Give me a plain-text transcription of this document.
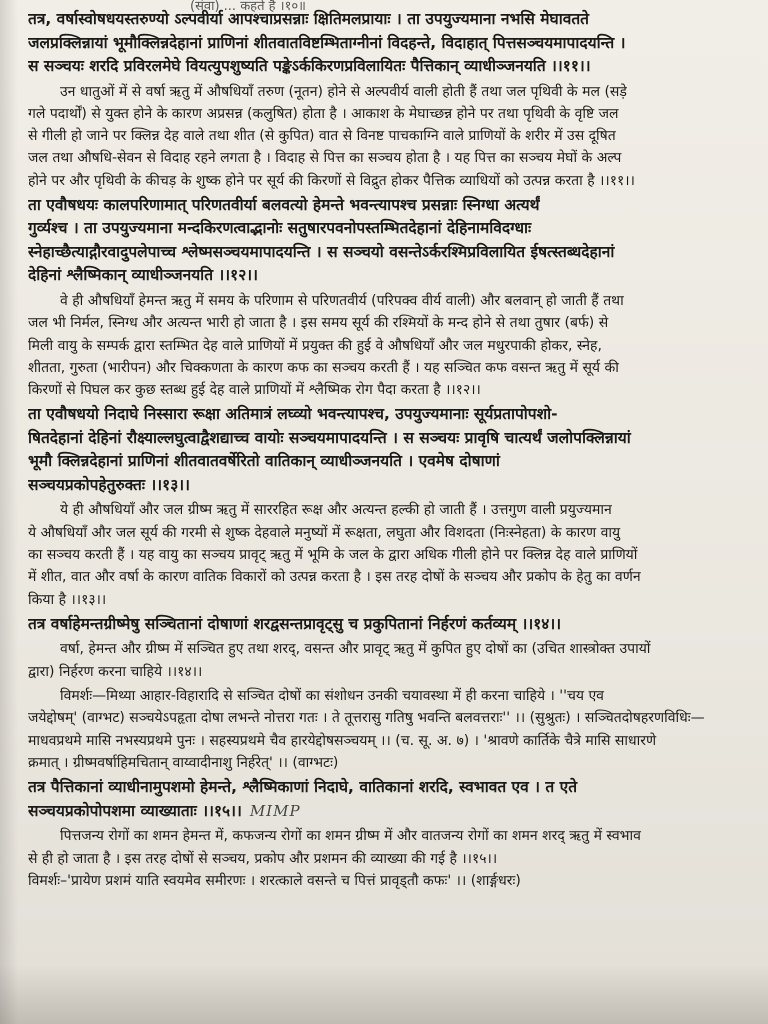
(संवा) ... कहते हैं ।१०॥
तत्र, वर्षास्वोषधयस्तरुण्यो ऽल्पवीर्या आपश्चाप्रसन्नाः क्षितिमलप्रायाः । ता उपयुज्यमाना नभसि मेघावतते
जलप्रक्लिन्नायां भूमौक्लिन्नदेहानां प्राणिनां शीतवातविष्टम्भिताग्नीनां विदहन्ते, विदाहात् पित्तसञ्चयमापादयन्ति ।
स सञ्चयः शरदि प्रविरलमेघे वियत्युपशुष्यति पङ्केऽर्ककिरणप्रविलायितः पैत्तिकान् व्याधीञ्जनयति ।।११।।
उन धातुओं में से वर्षा ऋतु में औषधियाँ तरुण (नूतन) होने से अल्पवीर्य वाली होती हैं तथा जल पृथिवी के मल (सड़े
गले पदार्थों) से युक्त होने के कारण अप्रसन्न (कलुषित) होता है । आकाश के मेघाच्छन्न होने पर तथा पृथिवी के वृष्टि जल
से गीली हो जाने पर क्लिन्न देह वाले तथा शीत (से कुपित) वात से विनष्ट पाचकाग्नि वाले प्राणियों के शरीर में उस दूषित
जल तथा औषधि-सेवन से विदाह रहने लगता है । विदाह से पित्त का सञ्चय होता है । यह पित्त का सञ्चय मेघों के अल्प
होने पर और पृथिवी के कीचड़ के शुष्क होने पर सूर्य की किरणों से विद्रुत होकर पैत्तिक व्याधियों को उत्पन्न करता है ।।११।।
ता एवौषधयः कालपरिणामात् परिणतवीर्या बलवत्यो हेमन्ते भवन्त्यापश्च प्रसन्नाः स्निग्धा अत्यर्थं
गुर्व्यश्च । ता उपयुज्यमाना मन्दकिरणत्वाद्भानोः सतुषारपवनोपस्तम्भितदेहानां देहिनामविदग्धाः
स्नेहाच्छैत्याद्गौरवादुपलेपाच्च श्लेष्मसञ्चयमापादयन्ति । स सञ्चयो वसन्तेऽर्करश्मिप्रविलायित ईषत्स्तब्धदेहानां
देहिनां श्लैष्मिकान् व्याधीञ्जनयति ।।१२।।
वे ही औषधियाँ हेमन्त ऋतु में समय के परिणाम से परिणतवीर्य (परिपक्व वीर्य वाली) और बलवान् हो जाती हैं तथा
जल भी निर्मल, स्निग्ध और अत्यन्त भारी हो जाता है । इस समय सूर्य की रश्मियों के मन्द होने से तथा तुषार (बर्फ) से
मिली वायु के सम्पर्क द्वारा स्तम्भित देह वाले प्राणियों में प्रयुक्त की हुई वे औषधियाँ और जल मधुरपाकी होकर, स्नेह,
शीतता, गुरुता (भारीपन) और चिक्कणता के कारण कफ का सञ्चय करती हैं । यह सञ्चित कफ वसन्त ऋतु में सूर्य की
किरणों से पिघल कर कुछ स्तब्ध हुई देह वाले प्राणियों में श्लैष्मिक रोग पैदा करता है ।।१२।।
ता एवौषधयो निदाघे निस्सारा रूक्षा अतिमात्रं लघ्व्यो भवन्त्यापश्च, उपयुज्यमानाः सूर्यप्रतापोपशो-
षितदेहानां देहिनां रौक्ष्याल्लघुत्वाद्वैशद्याच्च वायोः सञ्चयमापादयन्ति । स सञ्चयः प्रावृषि चात्यर्थं जलोपक्लिन्नायां
भूमौ क्लिन्नदेहानां प्राणिनां शीतवातवर्षेरितो वातिकान् व्याधीञ्जनयति । एवमेष दोषाणां
सञ्चयप्रकोपहेतुरुक्तः ।।१३।।
ये ही औषधियाँ और जल ग्रीष्म ऋतु में साररहित रूक्ष और अत्यन्त हल्की हो जाती हैं । उत्तगुण वाली प्रयुज्यमान
ये औषधियाँ और जल सूर्य की गरमी से शुष्क देहवाले मनुष्यों में रूक्षता, लघुता और विशदता (निःस्नेहता) के कारण वायु
का सञ्चय करती हैं । यह वायु का सञ्चय प्रावृट् ऋतु में भूमि के जल के द्वारा अधिक गीली होने पर क्लिन्न देह वाले प्राणियों
में शीत, वात और वर्षा के कारण वातिक विकारों को उत्पन्न करता है । इस तरह दोषों के सञ्चय और प्रकोप के हेतु का वर्णन
किया है ।।१३।।
तत्र वर्षाहेमन्तग्रीष्मेषु सञ्चितानां दोषाणां शरद्वसन्तप्रावृट्सु च प्रकुपितानां निर्हरणं कर्तव्यम् ।।१४।।
वर्षा, हेमन्त और ग्रीष्म में सञ्चित हुए तथा शरद्, वसन्त और प्रावृट् ऋतु में कुपित हुए दोषों का (उचित शास्त्रोक्त उपायों
द्वारा) निर्हरण करना चाहिये ।।१४।।
विमर्शः—मिथ्या आहार-विहारादि से सञ्चित दोषों का संशोधन उनकी चयावस्था में ही करना चाहिये । ''चय एव
जयेद्दोषम्' (वाग्भट) सञ्चयेऽपहृता दोषा लभन्ते नोत्तरा गतः । ते तूत्तरासु गतिषु भवन्ति बलवत्तराः'' ।। (सुश्रुतः) । सञ्चितदोषहरणविधिः—
माधवप्रथमे मासि नभस्यप्रथमे पुनः । सहस्यप्रथमे चैव हारयेद्दोषसञ्चयम् ।। (च. सू. अ. ७) । 'श्रावणे कार्तिके चैत्रे मासि साधारणे
क्रमात् । ग्रीष्मवर्षाहिमचितान् वाय्वादीनाशु निर्हरेत्' ।। (वाग्भटः)
तत्र पैत्तिकानां व्याधीनामुपशमो हेमन्ते, श्लैष्मिकाणां निदाघे, वातिकानां शरदि, स्वभावत एव । त एते
सञ्चयप्रकोपोपशमा व्याख्याताः ।।१५।। MIMP
पित्तजन्य रोगों का शमन हेमन्त में, कफजन्य रोगों का शमन ग्रीष्म में और वातजन्य रोगों का शमन शरद् ऋतु में स्वभाव
से ही हो जाता है । इस तरह दोषों से सञ्चय, प्रकोप और प्रशमन की व्याख्या की गई है ।।१५।।
विमर्शः–'प्रायेण प्रशमं याति स्वयमेव समीरणः । शरत्काले वसन्ते च पित्तं प्रावृड्तौ कफः' ।। (शार्ङ्गधरः)
